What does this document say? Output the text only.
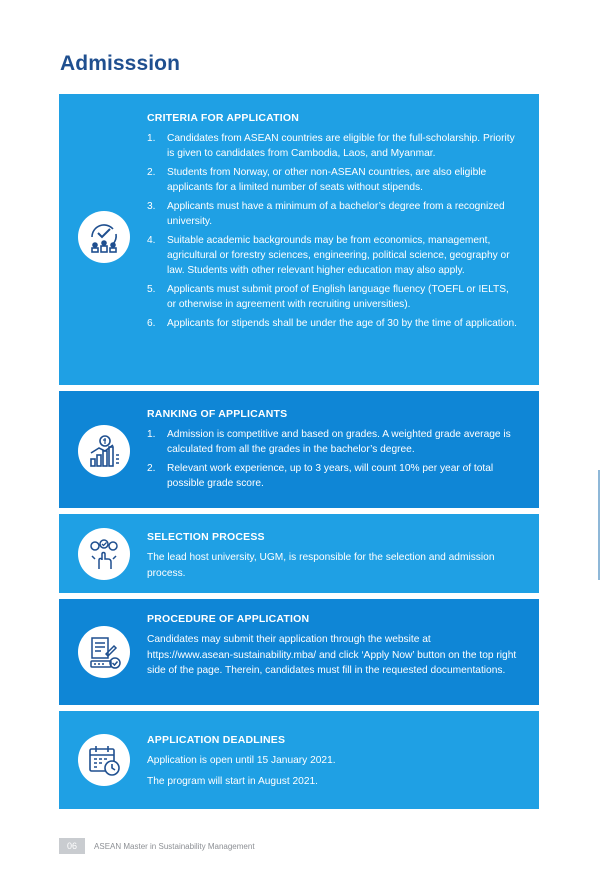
Admisssion

CRITERIA FOR APPLICATION

1. Candidates from ASEAN countries are eligible for the full-scholarship. Priority is given to candidates from Cambodia, Laos, and Myanmar.
2. Students from Norway, or other non-ASEAN countries, are also eligible applicants for a limited number of seats without stipends.
3. Applicants must have a minimum of a bachelor’s degree from a recognized university.
4. Suitable academic backgrounds may be from economics, management, agricultural or forestry sciences, engineering, political science, geography or law. Students with other relevant higher education may also apply.
5. Applicants must submit proof of English language fluency (TOEFL or IELTS, or otherwise in agreement with recruiting universities).
6. Applicants for stipends shall be under the age of 30 by the time of application.

RANKING OF APPLICANTS

1. Admission is competitive and based on grades. A weighted grade average is calculated from all the grades in the bachelor’s degree.
2. Relevant work experience, up to 3 years, will count 10% per year of total possible grade score.

SELECTION PROCESS

The lead host university, UGM, is responsible for the selection and admission process.

PROCEDURE OF APPLICATION

Candidates may submit their application through the website at https://www.asean-sustainability.mba/ and click ‘Apply Now’ button on the top right side of the page. Therein, candidates must fill in the requested documentations.

APPLICATION DEADLINES

Application is open until 15 January 2021.

The program will start in August 2021.

06	ASEAN Master in Sustainability Management
